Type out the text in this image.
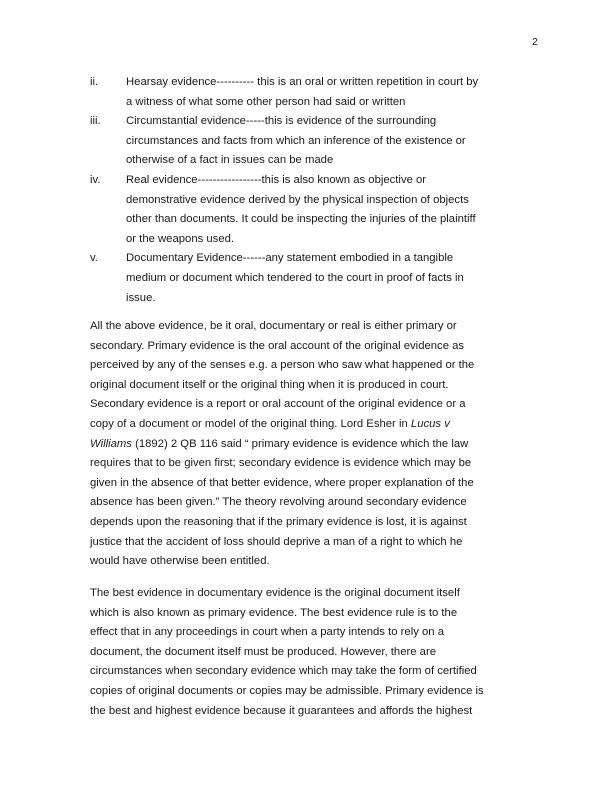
2
ii. Hearsay evidence---------- this is an oral or written repetition in court by
a witness of what some other person had said or written
iii. Circumstantial evidence-----this is evidence of the surrounding
circumstances and facts from which an inference of the existence or
otherwise of a fact in issues can be made
iv. Real evidence-----------------this is also known as objective or
demonstrative evidence derived by the physical inspection of objects
other than documents. It could be inspecting the injuries of the plaintiff
or the weapons used.
v. Documentary Evidence------any statement embodied in a tangible
medium or document which tendered to the court in proof of facts in
issue.
All the above evidence, be it oral, documentary or real is either primary or
secondary. Primary evidence is the oral account of the original evidence as
perceived by any of the senses e.g. a person who saw what happened or the
original document itself or the original thing when it is produced in court.
Secondary evidence is a report or oral account of the original evidence or a
copy of a document or model of the original thing. Lord Esher in Lucus v
Williams (1892) 2 QB 116 said “ primary evidence is evidence which the law
requires that to be given first; secondary evidence is evidence which may be
given in the absence of that better evidence, where proper explanation of the
absence has been given.” The theory revolving around secondary evidence
depends upon the reasoning that if the primary evidence is lost, it is against
justice that the accident of loss should deprive a man of a right to which he
would have otherwise been entitled.
The best evidence in documentary evidence is the original document itself
which is also known as primary evidence. The best evidence rule is to the
effect that in any proceedings in court when a party intends to rely on a
document, the document itself must be produced. However, there are
circumstances when secondary evidence which may take the form of certified
copies of original documents or copies may be admissible. Primary evidence is
the best and highest evidence because it guarantees and affords the highest
